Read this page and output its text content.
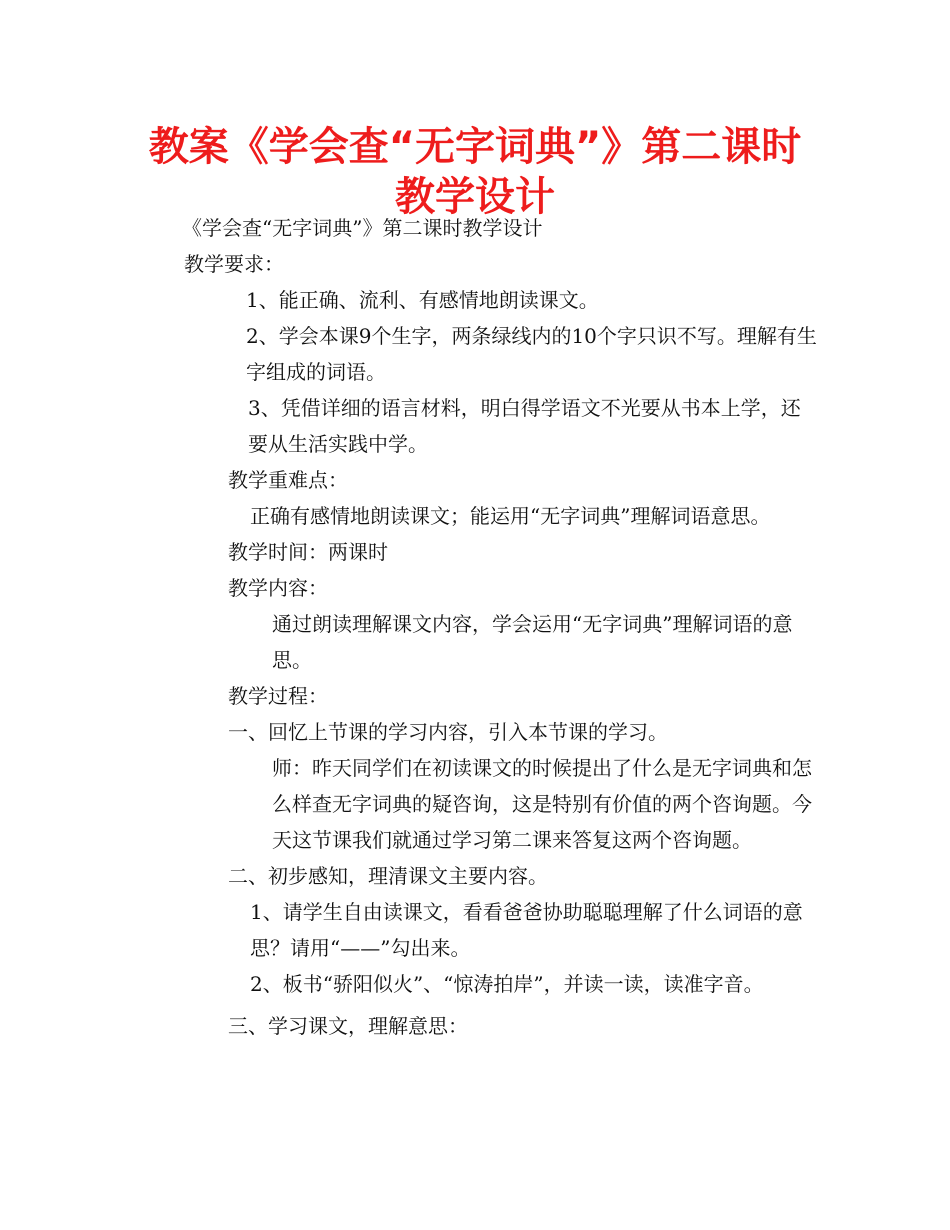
教案《学会查“无字词典”》第二课时教学设计

《学会查“无字词典”》第二课时教学设计

教学要求：

1、能正确、流利、有感情地朗读课文。

2、学会本课9个生字，两条绿线内的10个字只识不写。理解有生字组成的词语。

3、凭借详细的语言材料，明白得学语文不光要从书本上学，还要从生活实践中学。

教学重难点：

正确有感情地朗读课文；能运用“无字词典”理解词语意思。

教学时间：两课时

教学内容：

通过朗读理解课文内容，学会运用“无字词典”理解词语的意思。

教学过程：

一、回忆上节课的学习内容，引入本节课的学习。

师：昨天同学们在初读课文的时候提出了什么是无字词典和怎么样查无字词典的疑咨询，这是特别有价值的两个咨询题。今天这节课我们就通过学习第二课来答复这两个咨询题。

二、初步感知，理清课文主要内容。

1、请学生自由读课文，看看爸爸协助聪聪理解了什么词语的意思？请用“——”勾出来。

2、板书“骄阳似火”、“惊涛拍岸”，并读一读，读准字音。

三、学习课文，理解意思：
